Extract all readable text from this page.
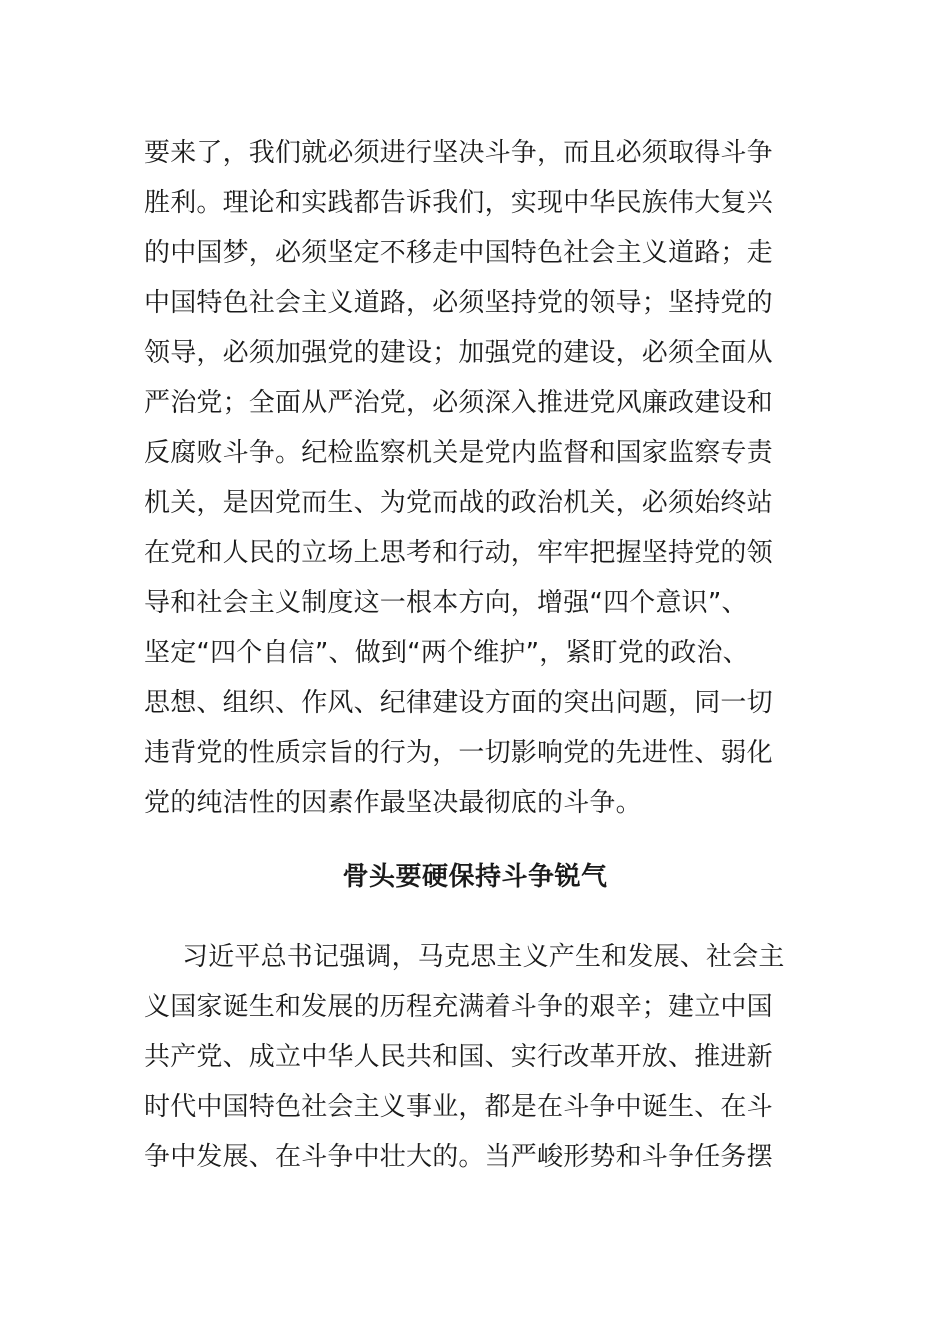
要来了，我们就必须进行坚决斗争，而且必须取得斗争
胜利。理论和实践都告诉我们，实现中华民族伟大复兴
的中国梦，必须坚定不移走中国特色社会主义道路；走
中国特色社会主义道路，必须坚持党的领导；坚持党的
领导，必须加强党的建设；加强党的建设，必须全面从
严治党；全面从严治党，必须深入推进党风廉政建设和
反腐败斗争。纪检监察机关是党内监督和国家监察专责
机关，是因党而生、为党而战的政治机关，必须始终站
在党和人民的立场上思考和行动，牢牢把握坚持党的领
导和社会主义制度这一根本方向，增强“四个意识”、
坚定“四个自信”、做到“两个维护”，紧盯党的政治、
思想、组织、作风、纪律建设方面的突出问题，同一切
违背党的性质宗旨的行为，一切影响党的先进性、弱化
党的纯洁性的因素作最坚决最彻底的斗争。
骨头要硬保持斗争锐气
习近平总书记强调，马克思主义产生和发展、社会主
义国家诞生和发展的历程充满着斗争的艰辛；建立中国
共产党、成立中华人民共和国、实行改革开放、推进新
时代中国特色社会主义事业，都是在斗争中诞生、在斗
争中发展、在斗争中壮大的。当严峻形势和斗争任务摆
